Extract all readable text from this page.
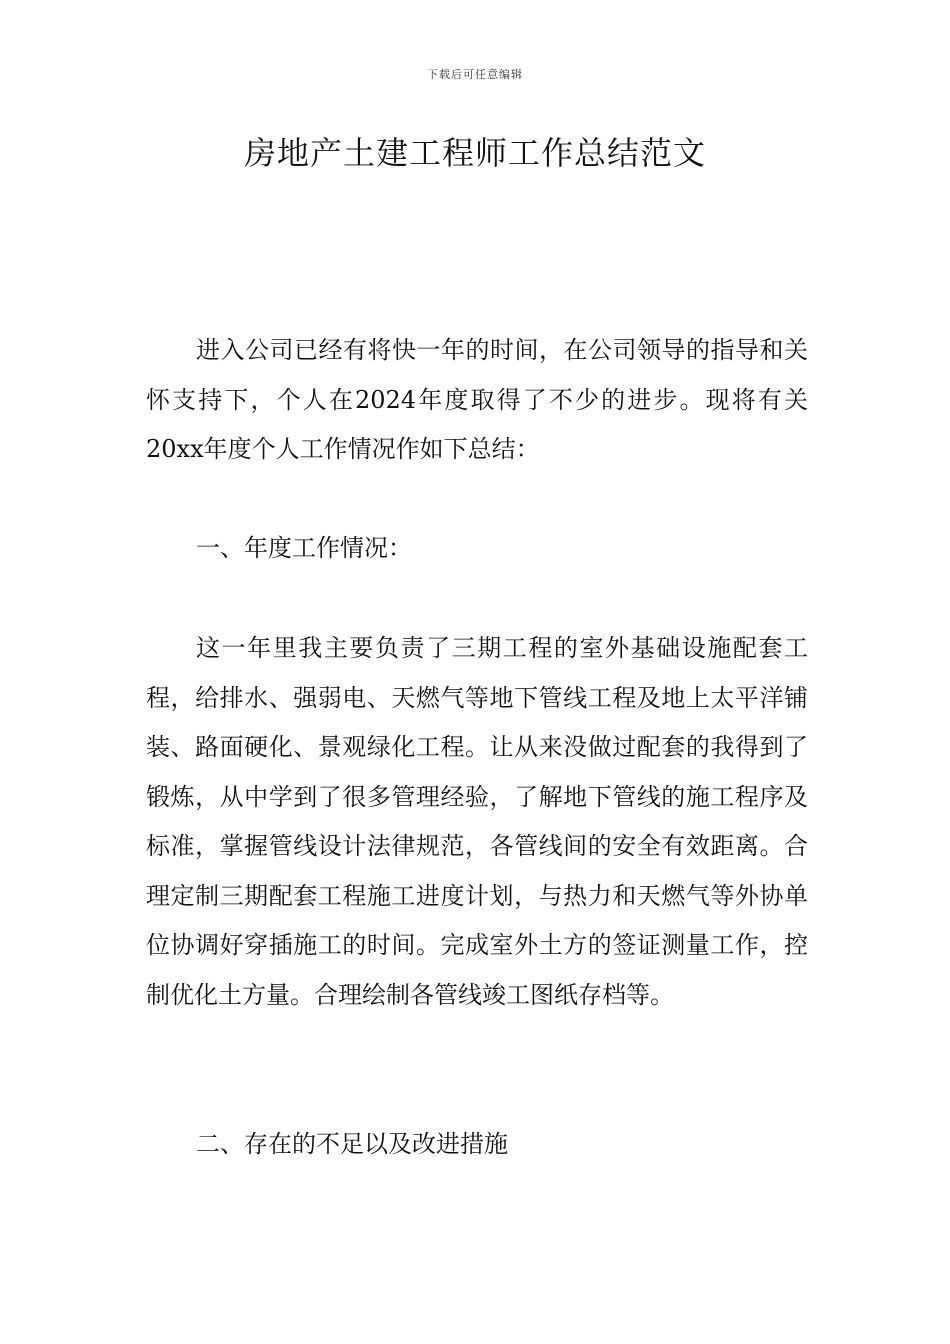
下载后可任意编辑
房地产土建工程师工作总结范文

进入公司已经有将快一年的时间，在公司领导的指导和关怀支持下，个人在2024年度取得了不少的进步。现将有关20xx年度个人工作情况作如下总结：

一、年度工作情况：

这一年里我主要负责了三期工程的室外基础设施配套工程，给排水、强弱电、天燃气等地下管线工程及地上太平洋铺装、路面硬化、景观绿化工程。让从来没做过配套的我得到了锻炼，从中学到了很多管理经验，了解地下管线的施工程序及标准，掌握管线设计法律规范，各管线间的安全有效距离。合理定制三期配套工程施工进度计划，与热力和天燃气等外协单位协调好穿插施工的时间。完成室外土方的签证测量工作，控制优化土方量。合理绘制各管线竣工图纸存档等。

二、存在的不足以及改进措施
